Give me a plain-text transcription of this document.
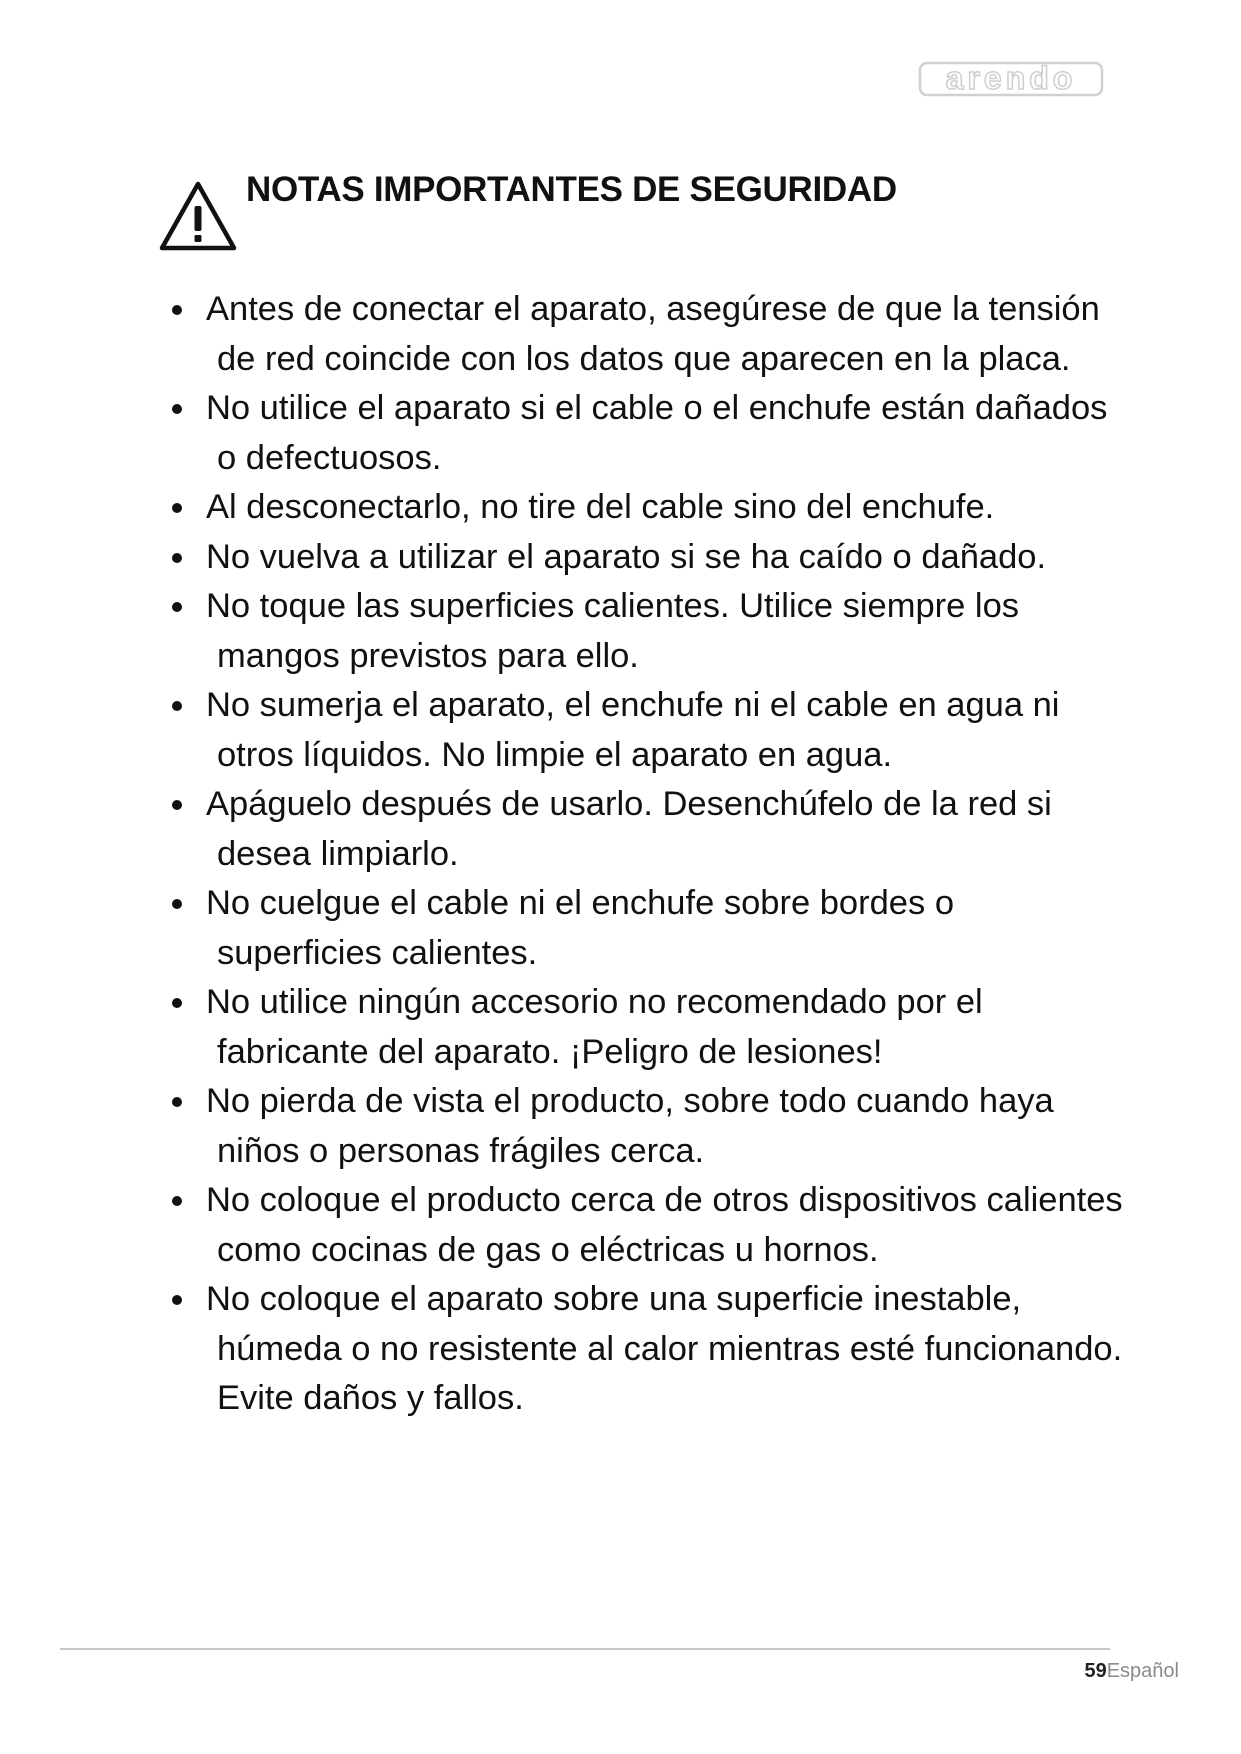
arendo
NOTAS IMPORTANTES DE SEGURIDAD
Antes de conectar el aparato, asegúrese de que la tensión de red coincide con los datos que aparecen en la placa.
No utilice el aparato si el cable o el enchufe están dañados o defectuosos.
Al desconectarlo, no tire del cable sino del enchufe.
No vuelva a utilizar el aparato si se ha caído o dañado.
No toque las superficies calientes. Utilice siempre los mangos previstos para ello.
No sumerja el aparato, el enchufe ni el cable en agua ni otros líquidos. No limpie el aparato en agua.
Apáguelo después de usarlo. Desenchúfelo de la red si desea limpiarlo.
No cuelgue el cable ni el enchufe sobre bordes o superficies calientes.
No utilice ningún accesorio no recomendado por el fabricante del aparato. ¡Peligro de lesiones!
No pierda de vista el producto, sobre todo cuando haya niños o personas frágiles cerca.
No coloque el producto cerca de otros dispositivos calientes como cocinas de gas o eléctricas u hornos.
No coloque el aparato sobre una superficie inestable, húmeda o no resistente al calor mientras esté funcionando. Evite daños y fallos.
59Español
